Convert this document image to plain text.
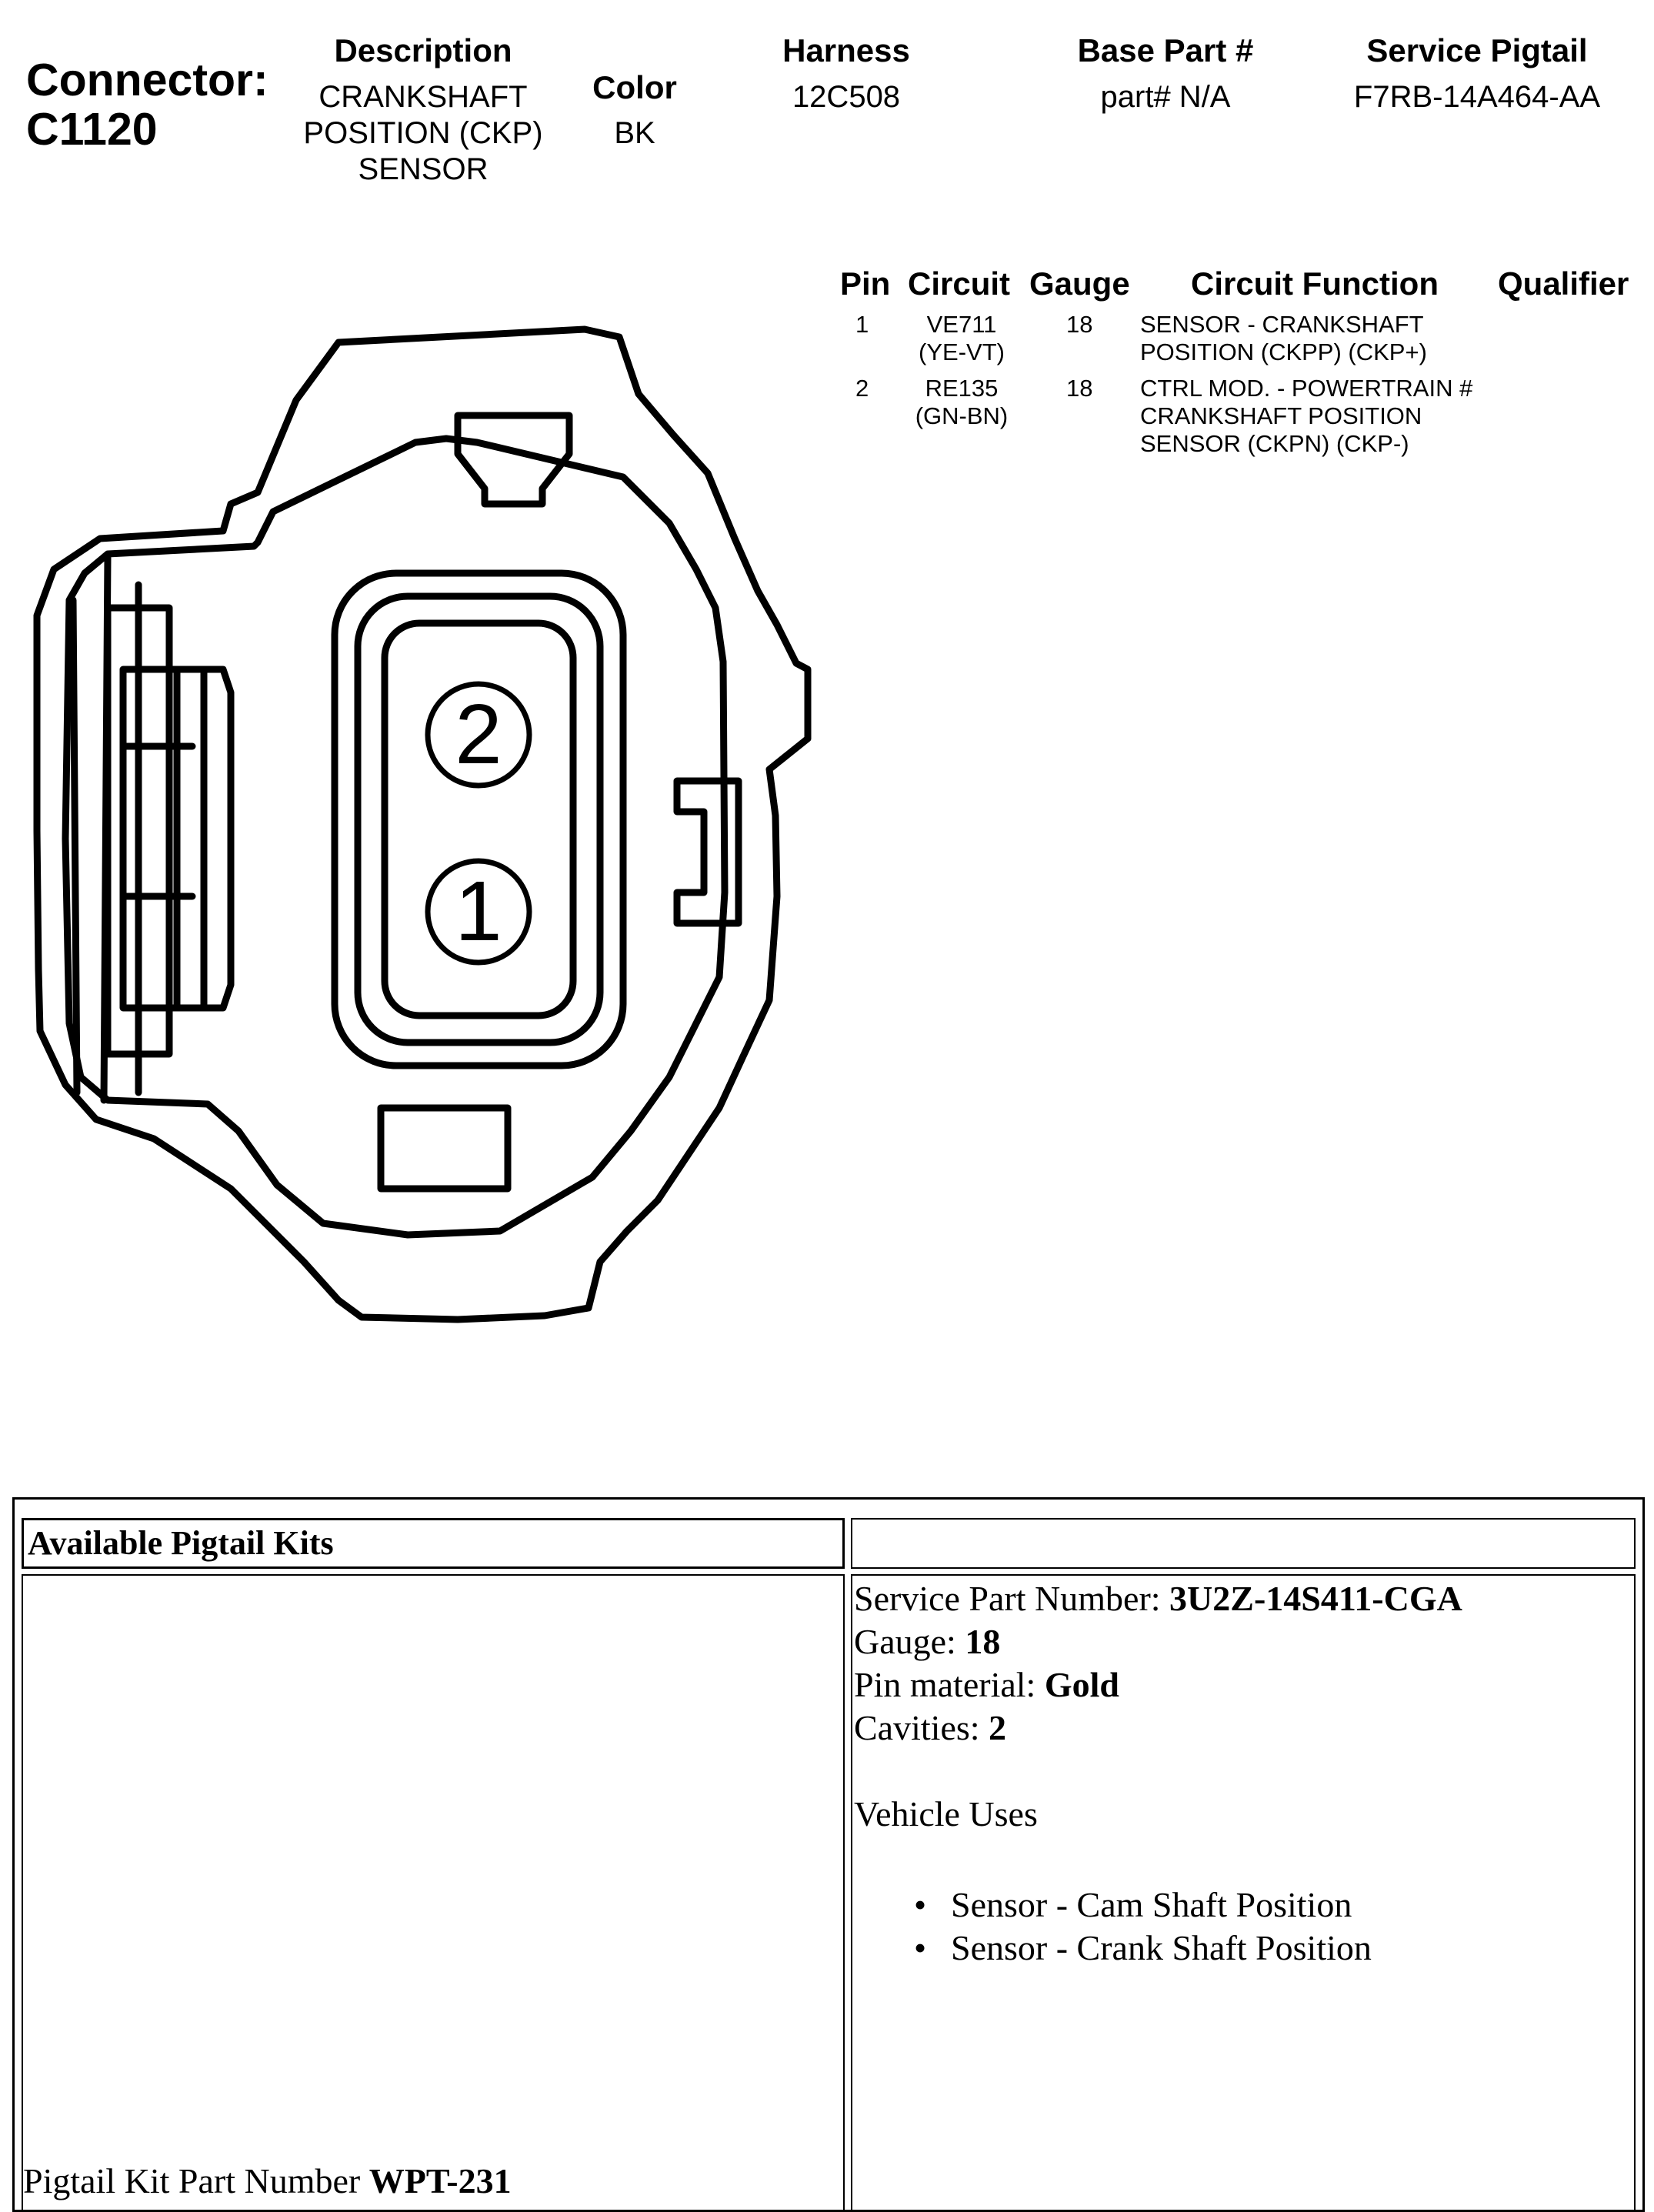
Connector:
C1120
Description
CRANKSHAFT
POSITION (CKP)
SENSOR
Color
BK
Harness
12C508
Base Part #
part# N/A
Service Pigtail
F7RB-14A464-AA
Pin Circuit Gauge Circuit Function Qualifier
1	VE711
(YE-VT)
18 SENSOR - CRANKSHAFT
POSITION (CKPP) (CKP+)
2	RE135
(GN-BN)
18 CTRL MOD. - POWERTRAIN #
CRANKSHAFT POSITION
SENSOR (CKPN) (CKP-)
2
1
Available Pigtail Kits
Service Part Number: 3U2Z-14S411-CGA
Gauge: 18
Pin material: Gold
Cavities: 2
Vehicle Uses
• Sensor - Cam Shaft Position
• Sensor - Crank Shaft Position
Pigtail Kit Part Number WPT-231
